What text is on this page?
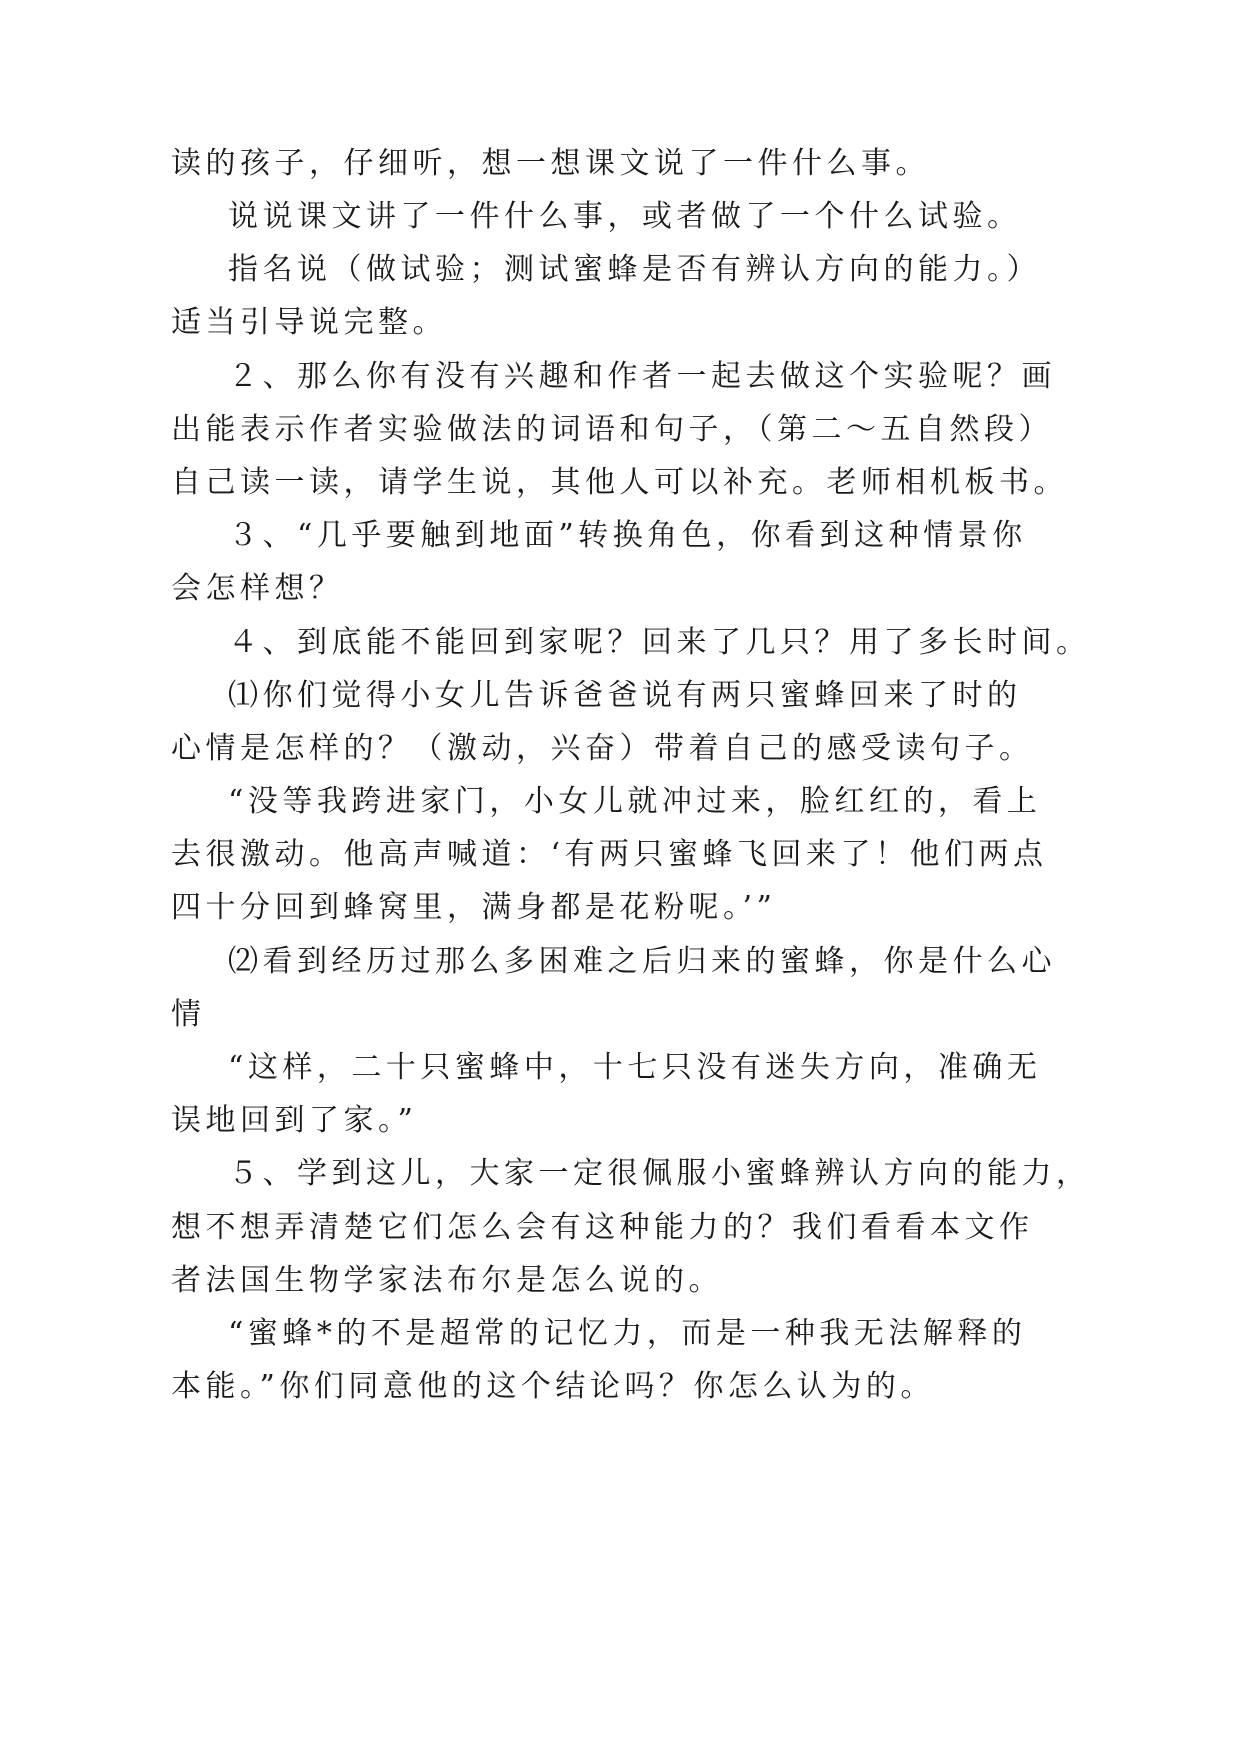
读的孩子，仔细听，想一想课文说了一件什么事。
说说课文讲了一件什么事，或者做了一个什么试验。
指名说（做试验；测试蜜蜂是否有辨认方向的能力。）
适当引导说完整。
２、那么你有没有兴趣和作者一起去做这个实验呢？画
出能表示作者实验做法的词语和句子，（第二～五自然段）
自己读一读，请学生说，其他人可以补充。老师相机板书。
３、“几乎要触到地面”转换角色，你看到这种情景你
会怎样想？
４、到底能不能回到家呢？回来了几只？用了多长时间。
⑴你们觉得小女儿告诉爸爸说有两只蜜蜂回来了时的
心情是怎样的？（激动，兴奋）带着自己的感受读句子。
“没等我跨进家门，小女儿就冲过来，脸红红的，看上
去很激动。他高声喊道：‘有两只蜜蜂飞回来了！他们两点
四十分回到蜂窝里，满身都是花粉呢。’”
⑵看到经历过那么多困难之后归来的蜜蜂，你是什么心
情
“这样，二十只蜜蜂中，十七只没有迷失方向，准确无
误地回到了家。”
５、学到这儿，大家一定很佩服小蜜蜂辨认方向的能力，
想不想弄清楚它们怎么会有这种能力的？我们看看本文作
者法国生物学家法布尔是怎么说的。
“蜜蜂*的不是超常的记忆力，而是一种我无法解释的
本能。”你们同意他的这个结论吗？你怎么认为的。
